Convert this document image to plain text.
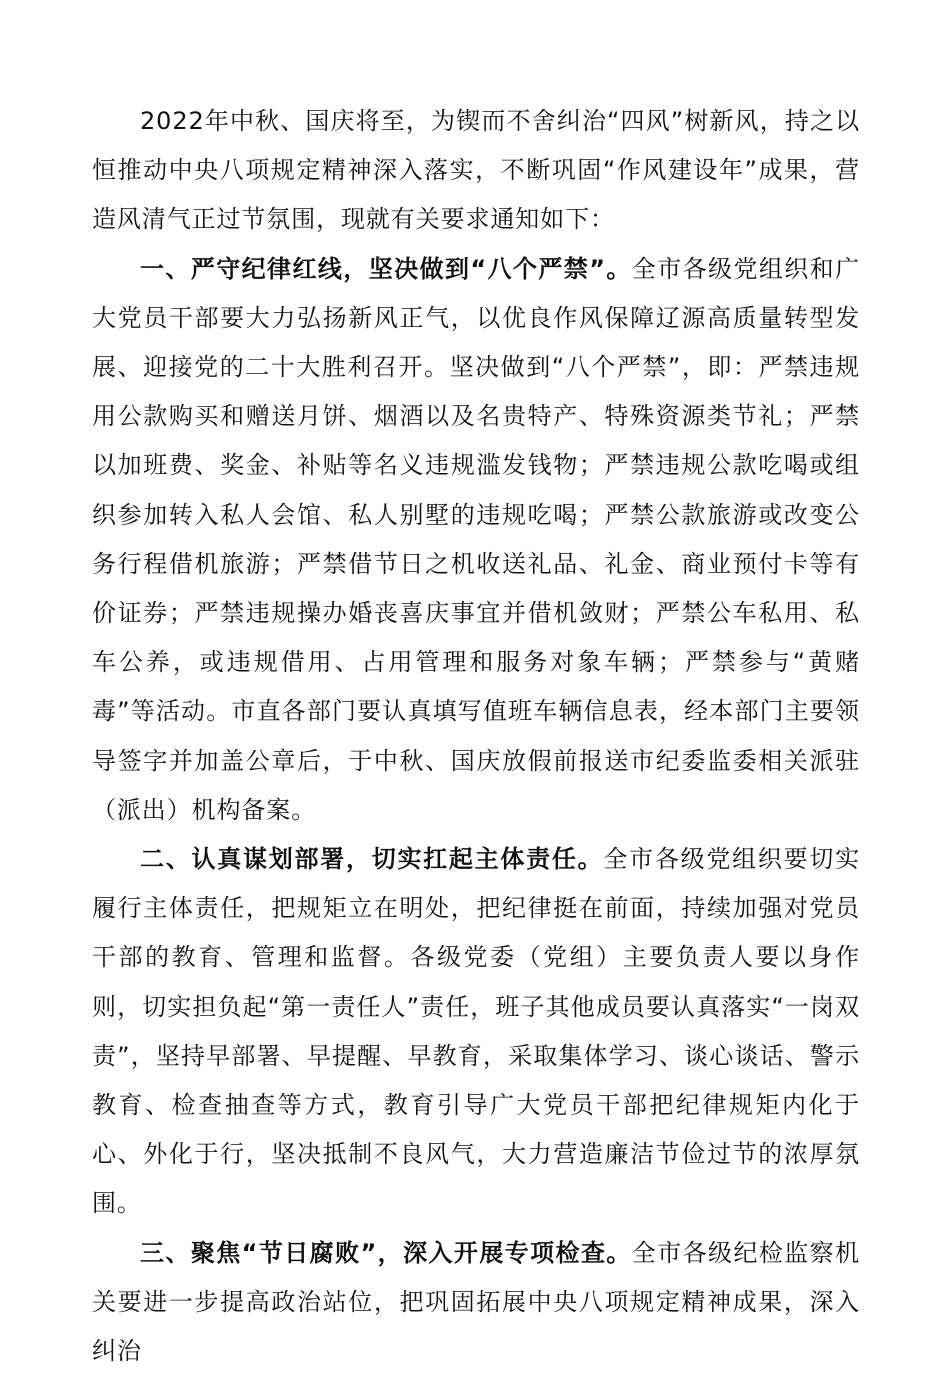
2022年中秋、国庆将至，为锲而不舍纠治“四风”树新风，持之以恒推动中央八项规定精神深入落实，不断巩固“作风建设年”成果，营造风清气正过节氛围，现就有关要求通知如下：

一、严守纪律红线，坚决做到“八个严禁”。全市各级党组织和广大党员干部要大力弘扬新风正气，以优良作风保障辽源高质量转型发展、迎接党的二十大胜利召开。坚决做到“八个严禁”，即：严禁违规用公款购买和赠送月饼、烟酒以及名贵特产、特殊资源类节礼；严禁以加班费、奖金、补贴等名义违规滥发钱物；严禁违规公款吃喝或组织参加转入私人会馆、私人别墅的违规吃喝；严禁公款旅游或改变公务行程借机旅游；严禁借节日之机收送礼品、礼金、商业预付卡等有价证券；严禁违规操办婚丧喜庆事宜并借机敛财；严禁公车私用、私车公养，或违规借用、占用管理和服务对象车辆；严禁参与“黄赌毒”等活动。市直各部门要认真填写值班车辆信息表，经本部门主要领导签字并加盖公章后，于中秋、国庆放假前报送市纪委监委相关派驻（派出）机构备案。

二、认真谋划部署，切实扛起主体责任。全市各级党组织要切实履行主体责任，把规矩立在明处，把纪律挺在前面，持续加强对党员干部的教育、管理和监督。各级党委（党组）主要负责人要以身作则，切实担负起“第一责任人”责任，班子其他成员要认真落实“一岗双责”，坚持早部署、早提醒、早教育，采取集体学习、谈心谈话、警示教育、检查抽查等方式，教育引导广大党员干部把纪律规矩内化于心、外化于行，坚决抵制不良风气，大力营造廉洁节俭过节的浓厚氛围。

三、聚焦“节日腐败”，深入开展专项检查。全市各级纪检监察机关要进一步提高政治站位，把巩固拓展中央八项规定精神成果，深入纠治
